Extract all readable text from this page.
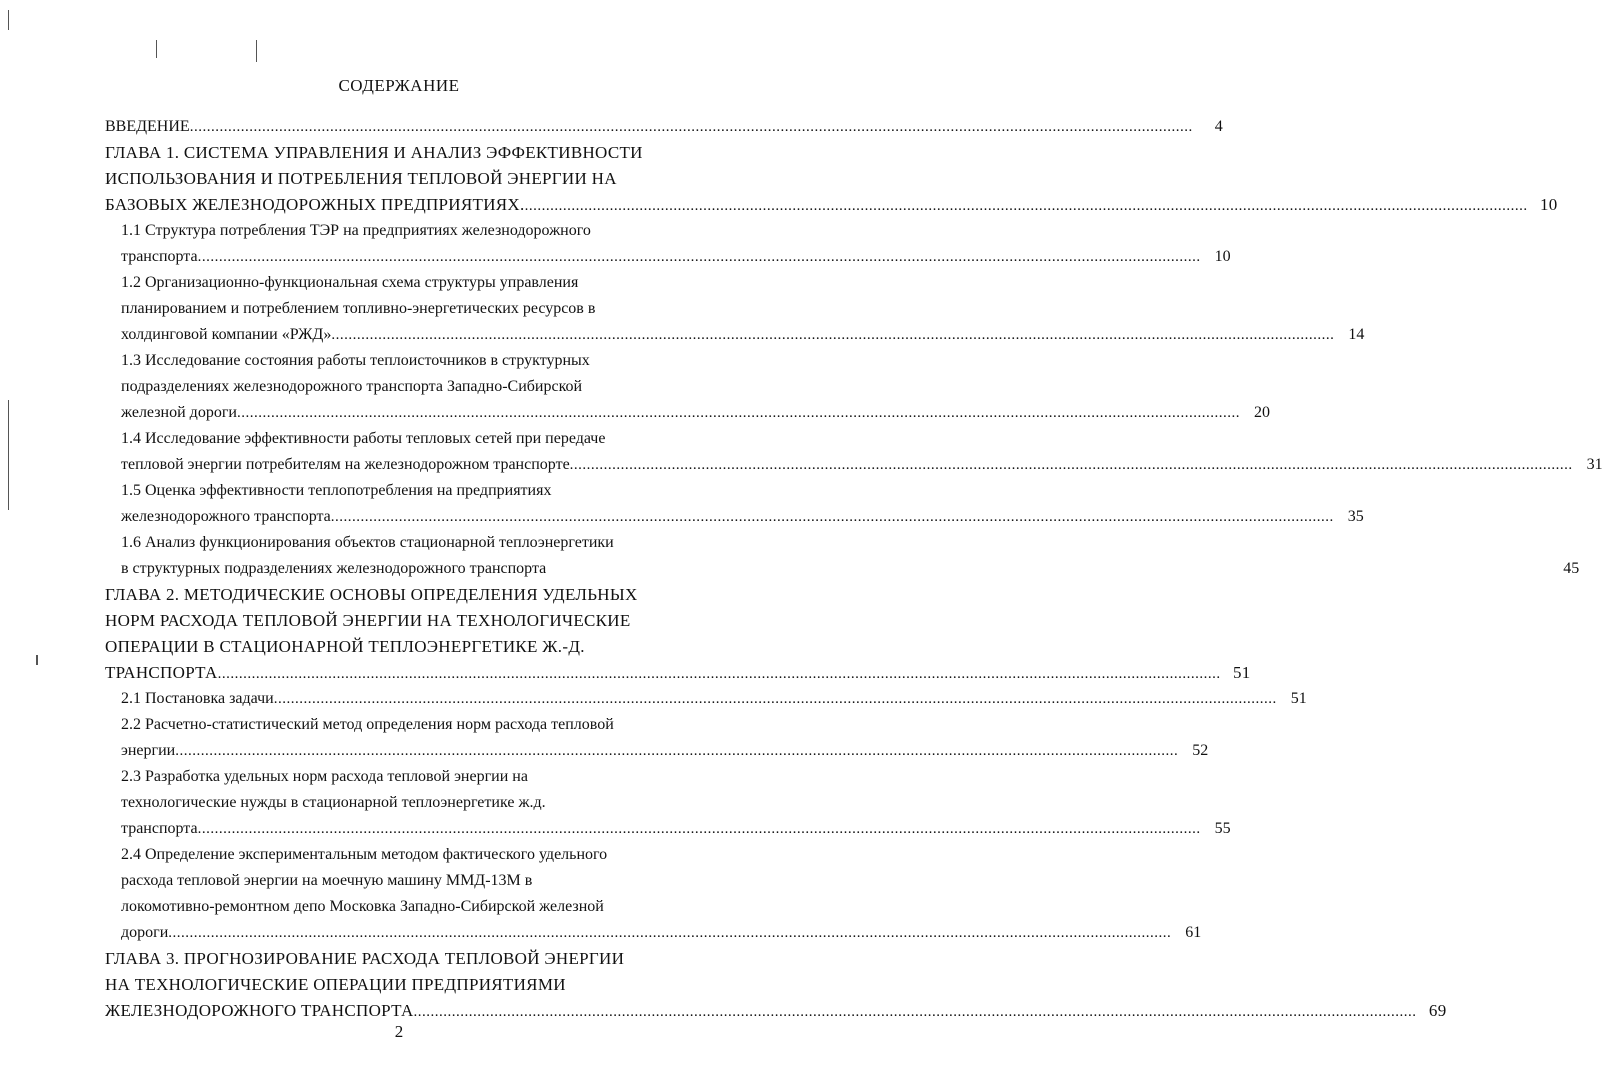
СОДЕРЖАНИЕ
ВВЕДЕНИЕ .....	4
ГЛАВА 1. СИСТЕМА УПРАВЛЕНИЯ И АНАЛИЗ ЭФФЕКТИВНОСТИ
ИСПОЛЬЗОВАНИЯ И ПОТРЕБЛЕНИЯ ТЕПЛОВОЙ ЭНЕРГИИ НА
БАЗОВЫХ ЖЕЛЕЗНОДОРОЖНЫХ ПРЕДПРИЯТИЯХ. .....	10
1.1 Структура потребления ТЭР на предприятиях железнодорожного
транспорта .....	10
1.2 Организационно-функциональная схема структуры управления
планированием и потреблением топливно-энергетических ресурсов в
холдинговой компании «РЖД» .....	14
1.3 Исследование состояния работы теплоисточников в структурных
подразделениях железнодорожного транспорта Западно-Сибирской
железной дороги .....	20
1.4 Исследование эффективности работы тепловых сетей при передаче
тепловой энергии потребителям на железнодорожном транспорте .....	31
1.5 Оценка эффективности теплопотребления на предприятиях
железнодорожного транспорта .....	35
1.6 Анализ функционирования объектов стационарной теплоэнергетики
в структурных подразделениях железнодорожного транспорта	45
ГЛАВА 2. МЕТОДИЧЕСКИЕ ОСНОВЫ ОПРЕДЕЛЕНИЯ УДЕЛЬНЫХ
НОРМ РАСХОДА ТЕПЛОВОЙ ЭНЕРГИИ НА ТЕХНОЛОГИЧЕСКИЕ
ОПЕРАЦИИ В СТАЦИОНАРНОЙ ТЕПЛОЭНЕРГЕТИКЕ Ж.-Д.
ТРАНСПОРТА .....	51
2.1 Постановка задачи .....	51
2.2 Расчетно-статистический метод определения норм расхода тепловой
энергии .....	52
2.3 Разработка удельных норм расхода тепловой энергии на
технологические нужды в стационарной теплоэнергетике ж.д.
транспорта .....	55
2.4 Определение экспериментальным методом фактического удельного
расхода тепловой энергии на моечную машину ММД-13М в
локомотивно-ремонтном депо Московка Западно-Сибирской железной
дороги .....	61
ГЛАВА 3. ПРОГНОЗИРОВАНИЕ РАСХОДА ТЕПЛОВОЙ ЭНЕРГИИ
НА ТЕХНОЛОГИЧЕСКИЕ ОПЕРАЦИИ ПРЕДПРИЯТИЯМИ
ЖЕЛЕЗНОДОРОЖНОГО ТРАНСПОРТА .....	69
2
